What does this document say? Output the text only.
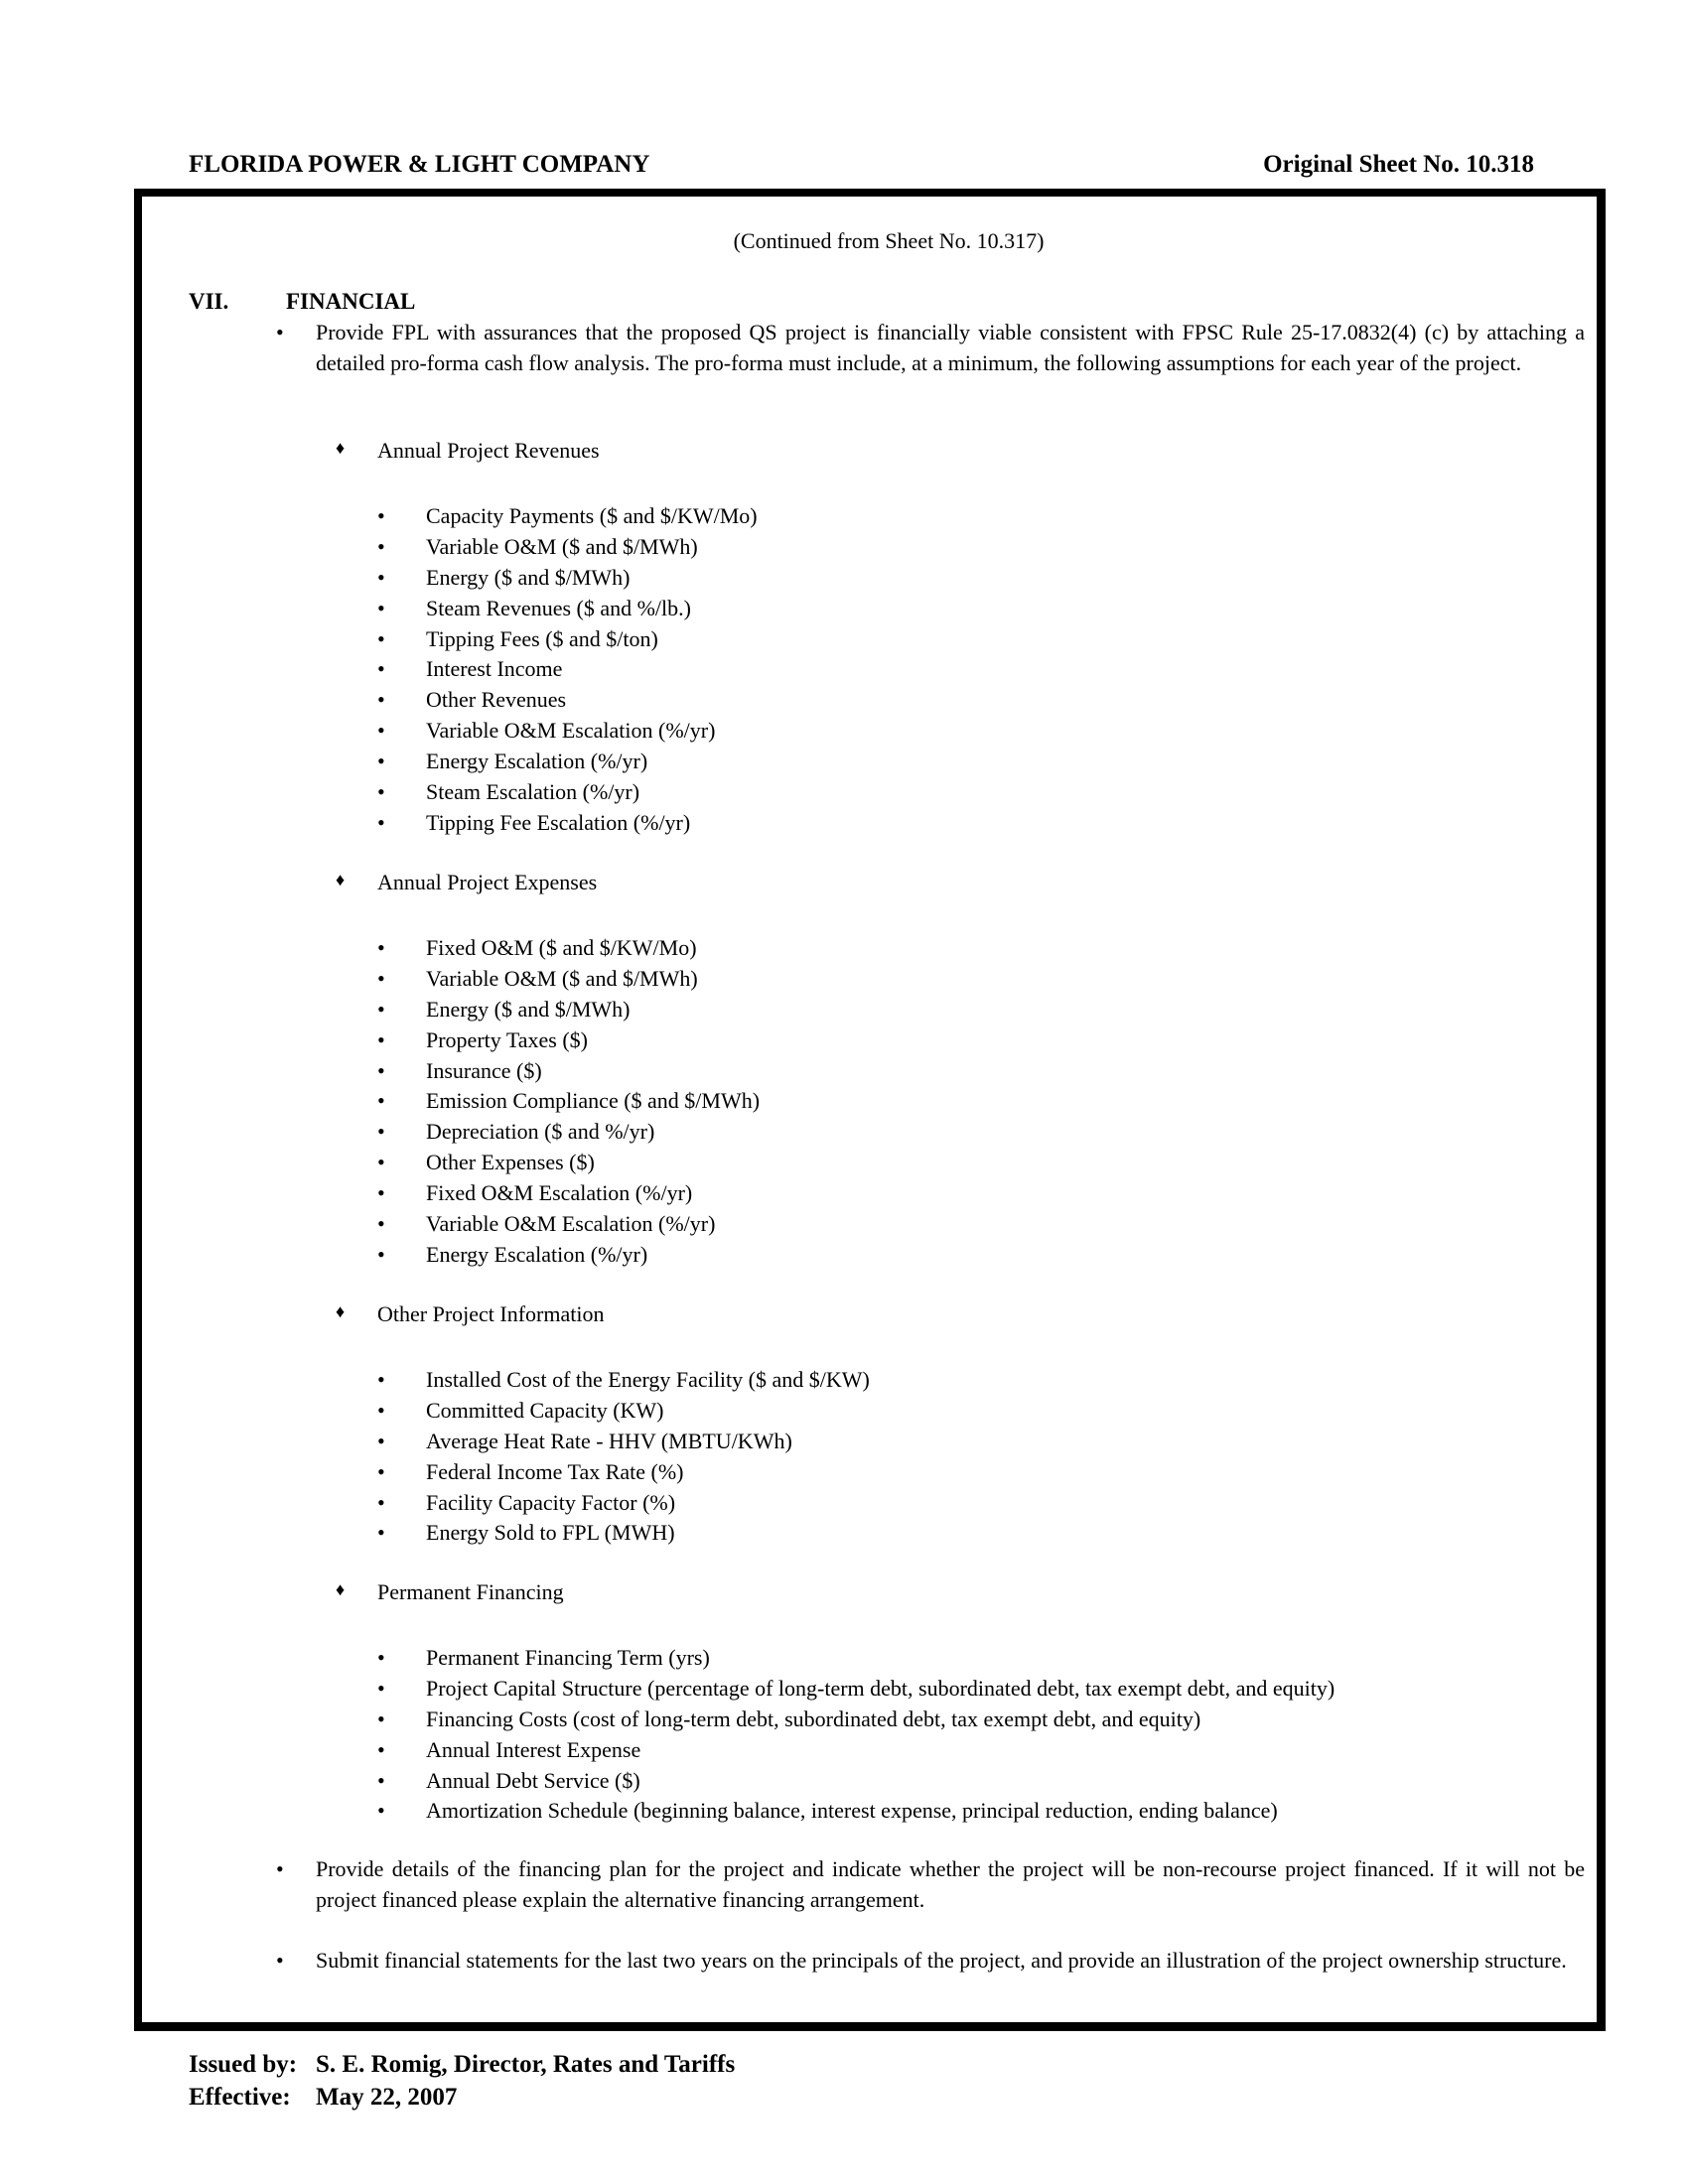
FLORIDA POWER & LIGHT COMPANY	Original Sheet No. 10.318
(Continued from Sheet No. 10.317)
VII.	FINANCIAL
•	Provide FPL with assurances that the proposed QS project is financially viable consistent with FPSC Rule 25-17.0832(4) (c) by attaching a detailed pro-forma cash flow analysis. The pro-forma must include, at a minimum, the following assumptions for each year of the project.
♦ Annual Project Revenues
• Capacity Payments ($ and $/KW/Mo)
• Variable O&M ($ and $/MWh)
• Energy ($ and $/MWh)
• Steam Revenues ($ and %/lb.)
• Tipping Fees ($ and $/ton)
• Interest Income
• Other Revenues
• Variable O&M Escalation (%/yr)
• Energy Escalation (%/yr)
• Steam Escalation (%/yr)
• Tipping Fee Escalation (%/yr)
♦ Annual Project Expenses
• Fixed O&M ($ and $/KW/Mo)
• Variable O&M ($ and $/MWh)
• Energy ($ and $/MWh)
• Property Taxes ($)
• Insurance ($)
• Emission Compliance ($ and $/MWh)
• Depreciation ($ and %/yr)
• Other Expenses ($)
• Fixed O&M Escalation (%/yr)
• Variable O&M Escalation (%/yr)
• Energy Escalation (%/yr)
♦ Other Project Information
• Installed Cost of the Energy Facility ($ and $/KW)
• Committed Capacity (KW)
• Average Heat Rate - HHV (MBTU/KWh)
• Federal Income Tax Rate (%)
• Facility Capacity Factor (%)
• Energy Sold to FPL (MWH)
♦ Permanent Financing
• Permanent Financing Term (yrs)
• Project Capital Structure (percentage of long-term debt, subordinated debt, tax exempt debt, and equity)
• Financing Costs (cost of long-term debt, subordinated debt, tax exempt debt, and equity)
• Annual Interest Expense
• Annual Debt Service ($)
• Amortization Schedule (beginning balance, interest expense, principal reduction, ending balance)
•	Provide details of the financing plan for the project and indicate whether the project will be non-recourse project financed. If it will not be project financed please explain the alternative financing arrangement.
•	Submit financial statements for the last two years on the principals of the project, and provide an illustration of the project ownership structure.
Issued by: S. E. Romig, Director, Rates and Tariffs
Effective: May 22, 2007
